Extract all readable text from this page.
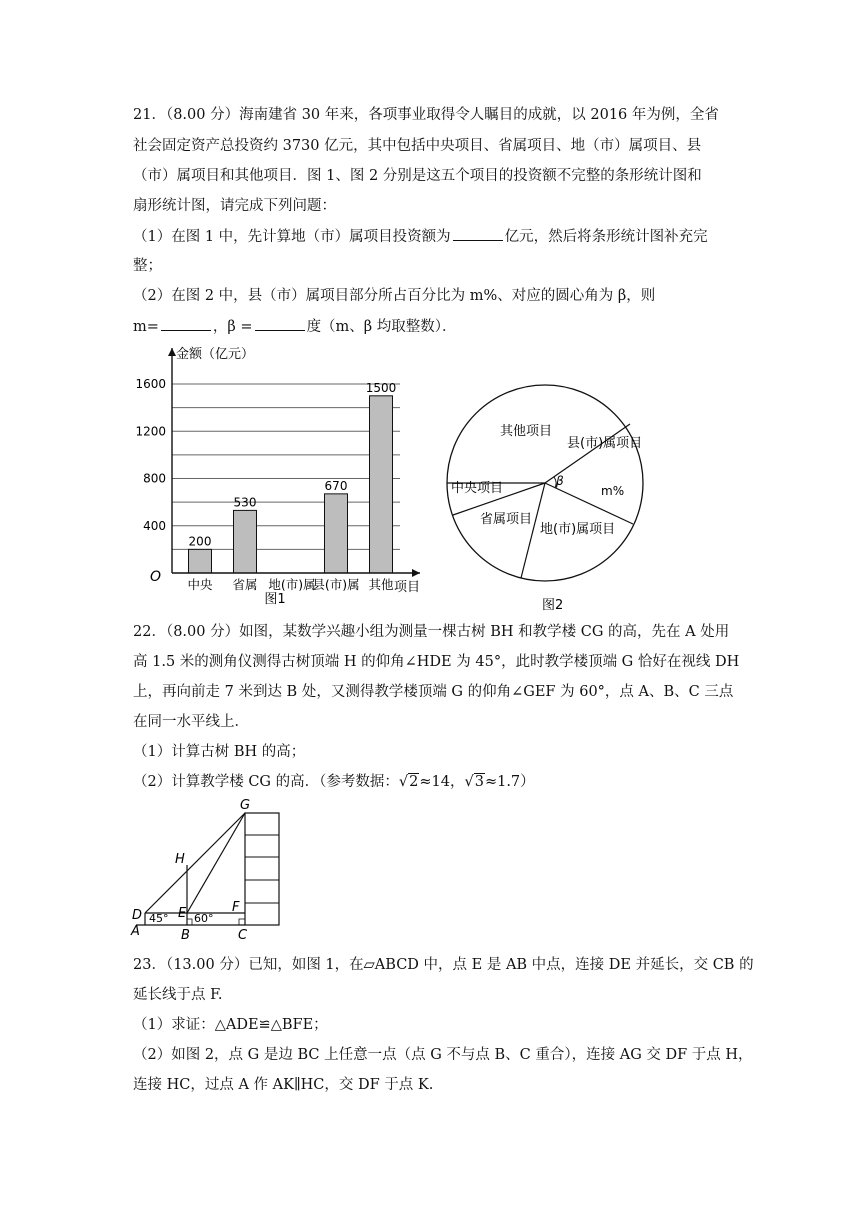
21．（8.00 分）海南建省 30 年来，各项事业取得令人瞩目的成就，以 2016 年为例，全省
社会固定资产总投资约 3730 亿元，其中包括中央项目、省属项目、地（市）属项目、县
（市）属项目和其他项目．图 1、图 2 分别是这五个项目的投资额不完整的条形统计图和
扇形统计图，请完成下列问题：
（1）在图 1 中，先计算地（市）属项目投资额为	亿元，然后将条形统计图补充完
整；
（2）在图 2 中，县（市）属项目部分所占百分比为 m%、对应的圆心角为 β，则
m=	，β =	度（m、β 均取整数）．
200
530
670
1500
400
800
1200
1600
金额（亿元）
项目
O 中央 省属 地(市)属
县(市)属 其他
图1
其他项目
县(市)属项目
m%
地(市)属项目
省属项目
中央项目	β
图2
22．（8.00 分）如图，某数学兴趣小组为测量一棵古树 BH 和教学楼 CG 的高，先在 A 处用
高 1.5 米的测角仪测得古树顶端 H 的仰角∠HDE 为 45°，此时教学楼顶端 G 恰好在视线 DH
上，再向前走 7 米到达 B 处，又测得教学楼顶端 G 的仰角∠GEF 为 60°，点 A、B、C 三点
在同一水平线上．
（1）计算古树 BH 的高；
（2）计算教学楼 CG 的高．（参考数据：√2≈14，√3≈1.7）
G
H
D	E	F
A	B	C
45° 60°
23．（13.00 分）已知，如图 1，在▱ABCD 中，点 E 是 AB 中点，连接 DE 并延长，交 CB 的
延长线于点 F.
（1）求证：△ADE≌△BFE；
（2）如图 2，点 G 是边 BC 上任意一点（点 G 不与点 B、C 重合），连接 AG 交 DF 于点 H，
连接 HC，过点 A 作 AK∥HC，交 DF 于点 K.
